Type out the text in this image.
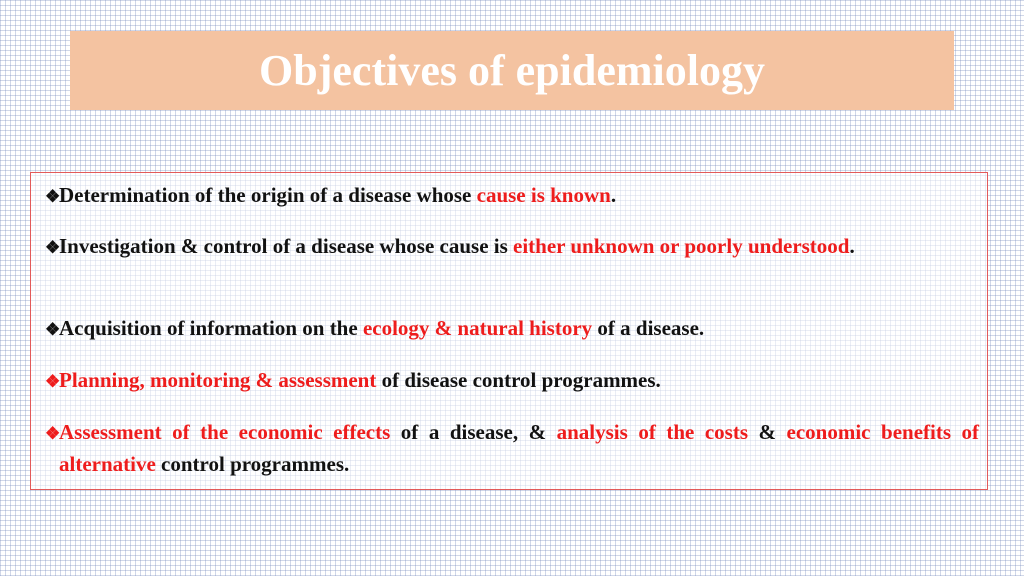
Objectives of epidemiology
❖Determination of the origin of a disease whose cause is known.
❖Investigation & control of a disease whose cause is either unknown or poorly understood.
❖Acquisition of information on the ecology & natural history of a disease.
❖Planning, monitoring & assessment of disease control programmes.
❖Assessment of the economic effects of a disease, & analysis of the costs & economic benefits of alternative control programmes.
